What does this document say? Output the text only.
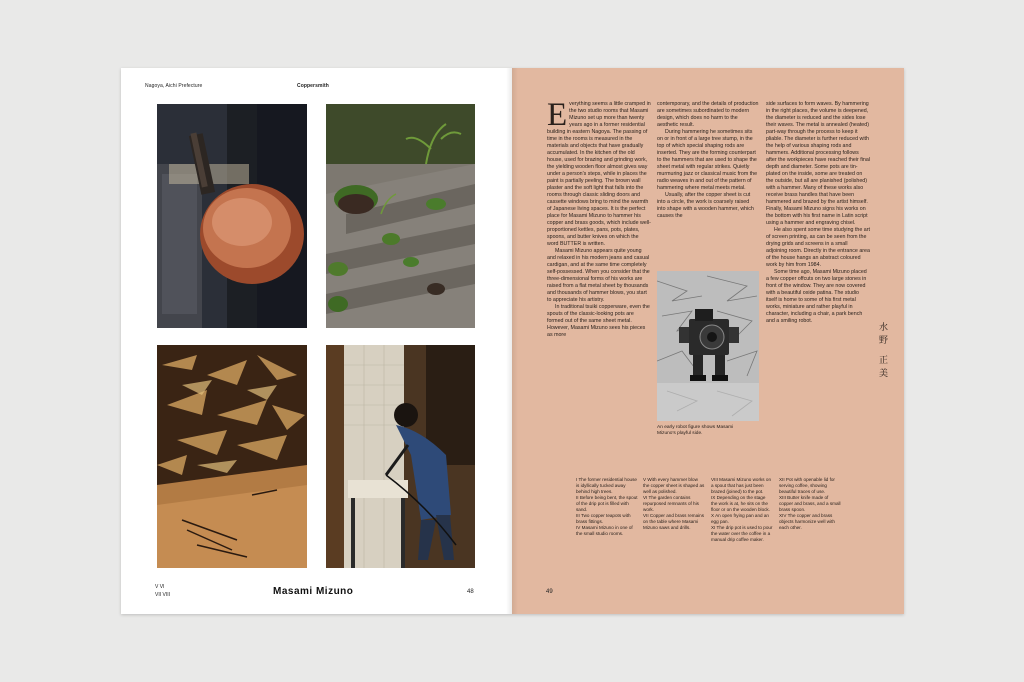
Nagoya, Aichi Prefecture	Coppersmith
V VI
VII VIII	Masami Mizuno	48
E verything seems a little cramped in the two studio rooms that Masami Mizuno set up more than twenty years ago in a former residential building in eastern Nagoya. The passing of time in the rooms is measured in the materials and objects that have gradually accumulated. In the kitchen of the old house, used for brazing and grinding work, the yielding wooden floor almost gives way under a person's steps, while in places the paint is partially peeling. The brown wall plaster and the soft light that falls into the rooms through classic sliding doors and cassette windows bring to mind the warmth of Japanese living spaces. It is the perfect place for Masami Mizuno to hammer his copper and brass goods, which include well-proportioned kettles, pans, pots, plates, spoons, and butter knives on which the word BUTTER is written.

Masami Mizuno appears quite young and relaxed in his modern jeans and casual cardigan, and at the same time completely self-possessed. When you consider that the three-dimensional forms of his works are raised from a flat metal sheet by thousands and thousands of hammer blows, you start to appreciate his artistry.

In traditional tsuiki copperware, even the spouts of the classic-looking pots are formed out of the same sheet metal. However, Masami Mizuno sees his pieces as more

contemporary, and the details of production are sometimes subordinated to modern design, which does no harm to the aesthetic result.

During hammering he sometimes sits on or in front of a large tree stump, in the top of which special shaping rods are inserted. They are the forming counterpart to the hammers that are used to shape the sheet metal with regular strikes. Quietly murmuring jazz or classical music from the radio weaves in and out of the pattern of hammering where metal meets metal.

Usually, after the copper sheet is cut into a circle, the work is coarsely raised into shape with a wooden hammer, which causes the

side surfaces to form waves. By hammering in the right places, the volume is deepened, the diameter is reduced and the sides lose their waves. The metal is annealed (heated) part-way through the process to keep it pliable. The diameter is further reduced with the help of various shaping rods and hammers. Additional processing follows after the workpieces have reached their final depth and diameter. Some pots are tin-plated on the inside, some are treated on the outside, but all are planished (polished) with a hammer. Many of these works also receive brass handles that have been hammered and brazed by the artist himself. Finally, Masami Mizuno signs his works on the bottom with his first name in Latin script using a hammer and engraving chisel.

He also spent some time studying the art of screen printing, as can be seen from the drying grids and screens in a small adjoining room. Directly in the entrance area of the house hangs an abstract coloured work by him from 1984.

Some time ago, Masami Mizuno placed a few copper offcuts on two large stones in front of the window. They are now covered with a beautiful oxide patina. The studio itself is home to some of his first metal works, miniature and rather playful in character, including a chair, a park bench and a smiling robot.

An early robot figure shows Masami Mizuno's playful side.
水野 正美

I The former residential house is idyllically tucked away behind high trees.

II Before being bent, the spout of the drip pot is filled with sand.

III Two copper teapots with brass fittings.

IV Masami Mizuno in one of the small studio rooms.

V With every hammer blow the copper sheet is shaped as well as polished.

VI The garden contains repurposed remnants of his work.

VII Copper and brass remains on the table where Masami Mizuno saws and drills.

VIII Masami Mizuno works on a spout that has just been brazed (joined) to the pot.

IX Depending on the stage the work is at, he sits on the floor or on the wooden block.

X An open frying pan and an egg pan.

XI The drip pot is used to pour the water over the coffee in a manual drip coffee maker.

XII Pot with openable lid for serving coffee, showing beautiful traces of use.

XIII Butter knife made of copper and brass, and a small brass spoon.

XIV The copper and brass objects harmonize well with each other.

49
